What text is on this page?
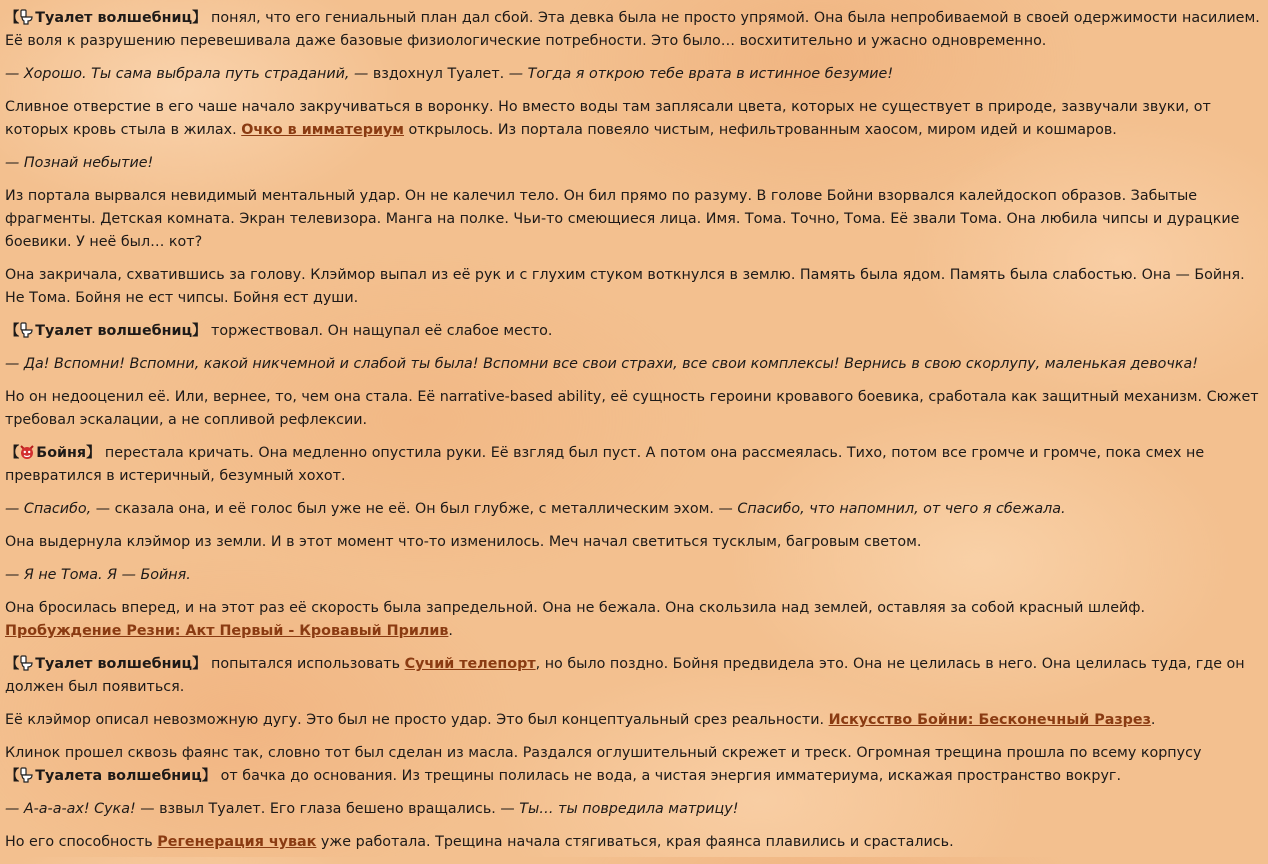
【 Туалет волшебниц】 понял, что его гениальный план дал сбой. Эта девка была не просто упрямой. Она была непробиваемой в своей одержимости насилием. Её воля к разрушению перевешивала даже базовые физиологические потребности. Это было… восхитительно и ужасно одновременно.

— Хорошо. Ты сама выбрала путь страданий, — вздохнул Туалет. — Тогда я открою тебе врата в истинное безумие!

Сливное отверстие в его чаше начало закручиваться в воронку. Но вместо воды там заплясали цвета, которых не существует в природе, зазвучали звуки, от которых кровь стыла в жилах. Очко в имматериум открылось. Из портала повеяло чистым, нефильтрованным хаосом, миром идей и кошмаров.

— Познай небытие!

Из портала вырвался невидимый ментальный удар. Он не калечил тело. Он бил прямо по разуму. В голове Бойни взорвался калейдоскоп образов. Забытые фрагменты. Детская комната. Экран телевизора. Манга на полке. Чьи-то смеющиеся лица. Имя. Тома. Точно, Тома. Её звали Тома. Она любила чипсы и дурацкие боевики. У неё был… кот?

Она закричала, схватившись за голову. Клэймор выпал из её рук и с глухим стуком воткнулся в землю. Память была ядом. Память была слабостью. Она — Бойня. Не Тома. Бойня не ест чипсы. Бойня ест души.

【 Туалет волшебниц】 торжествовал. Он нащупал её слабое место.

— Да! Вспомни! Вспомни, какой никчемной и слабой ты была! Вспомни все свои страхи, все свои комплексы! Вернись в свою скорлупу, маленькая девочка!

Но он недооценил её. Или, вернее, то, чем она стала. Её narrative-based ability, её сущность героини кровавого боевика, сработала как защитный механизм. Сюжет требовал эскалации, а не сопливой рефлексии.

【 Бойня】 перестала кричать. Она медленно опустила руки. Её взгляд был пуст. А потом она рассмеялась. Тихо, потом все громче и громче, пока смех не превратился в истеричный, безумный хохот.

— Спасибо, — сказала она, и её голос был уже не её. Он был глубже, с металлическим эхом. — Спасибо, что напомнил, от чего я сбежала.

Она выдернула клэймор из земли. И в этот момент что-то изменилось. Меч начал светиться тусклым, багровым светом.

— Я не Тома. Я — Бойня.

Она бросилась вперед, и на этот раз её скорость была запредельной. Она не бежала. Она скользила над землей, оставляя за собой красный шлейф. Пробуждение Резни: Акт Первый - Кровавый Прилив.

【 Туалет волшебниц】 попытался использовать Сучий телепорт, но было поздно. Бойня предвидела это. Она не целилась в него. Она целилась туда, где он должен был появиться.

Её клэймор описал невозможную дугу. Это был не просто удар. Это был концептуальный срез реальности. Искусство Бойни: Бесконечный Разрез.

Клинок прошел сквозь фаянс так, словно тот был сделан из масла. Раздался оглушительный скрежет и треск. Огромная трещина прошла по всему корпусу 【 Туалета волшебниц】 от бачка до основания. Из трещины полилась не вода, а чистая энергия имматериума, искажая пространство вокруг.

— А-а-а-ах! Сука! — взвыл Туалет. Его глаза бешено вращались. — Ты… ты повредила матрицу!

Но его способность Регенерация чувак уже работала. Трещина начала стягиваться, края фаянса плавились и срастались.
